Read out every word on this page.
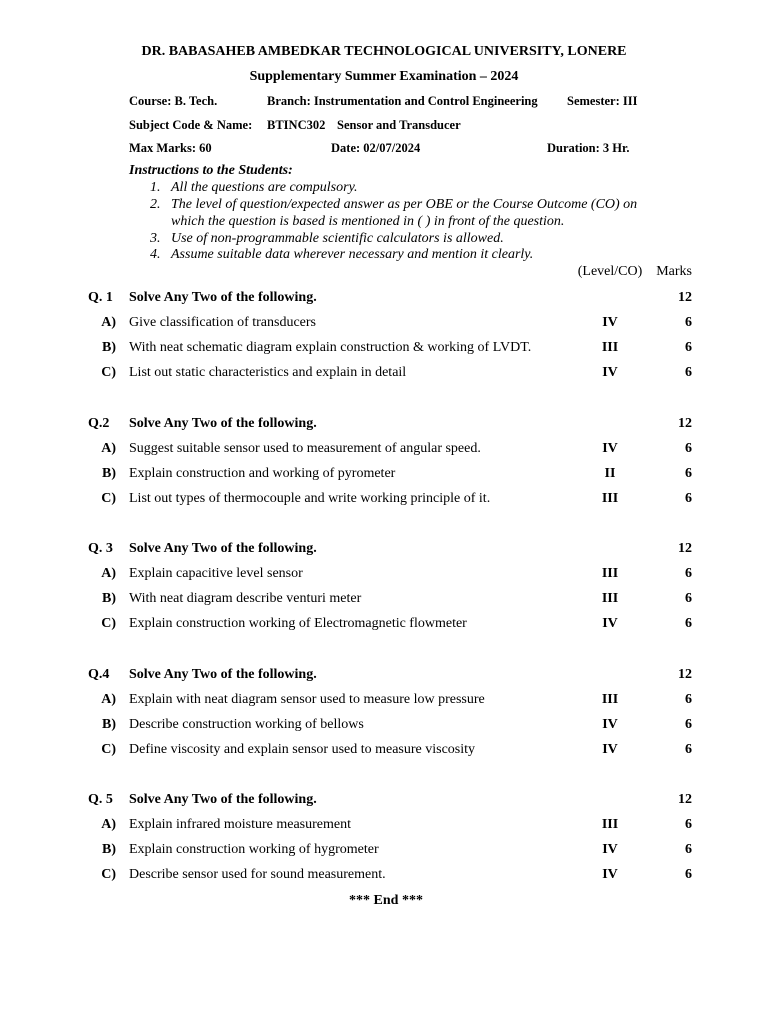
DR. BABASAHEB AMBEDKAR TECHNOLOGICAL UNIVERSITY, LONERE
Supplementary Summer Examination – 2024
Course: B. Tech.	Branch: Instrumentation and Control Engineering Semester: III
Subject Code & Name: BTINC302 Sensor and Transducer
Max Marks: 60	Date: 02/07/2024	Duration: 3 Hr.
Instructions to the Students:
1. All the questions are compulsory.
2. The level of question/expected answer as per OBE or the Course Outcome (CO) on
which the question is based is mentioned in ( ) in front of the question.
3. Use of non-programmable scientific calculators is allowed.
4. Assume suitable data wherever necessary and mention it clearly.
(Level/CO) Marks
Q. 1 Solve Any Two of the following.	12
A) Give classification of transducers	IV	6
B) With neat schematic diagram explain construction & working of LVDT.	III	6
C) List out static characteristics and explain in detail	IV	6
Q.2 Solve Any Two of the following.	12
A) Suggest suitable sensor used to measurement of angular speed.	IV	6
B) Explain construction and working of pyrometer	II	6
C) List out types of thermocouple and write working principle of it.	III	6
Q. 3 Solve Any Two of the following.	12
A) Explain capacitive level sensor	III	6
B) With neat diagram describe venturi meter	III	6
C) Explain construction working of Electromagnetic flowmeter	IV	6
Q.4 Solve Any Two of the following.	12
A) Explain with neat diagram sensor used to measure low pressure	III	6
B) Describe construction working of bellows	IV	6
C) Define viscosity and explain sensor used to measure viscosity	IV	6
Q. 5 Solve Any Two of the following.	12
A) Explain infrared moisture measurement	III	6
B) Explain construction working of hygrometer	IV	6
C) Describe sensor used for sound measurement.	IV	6
*** End ***
